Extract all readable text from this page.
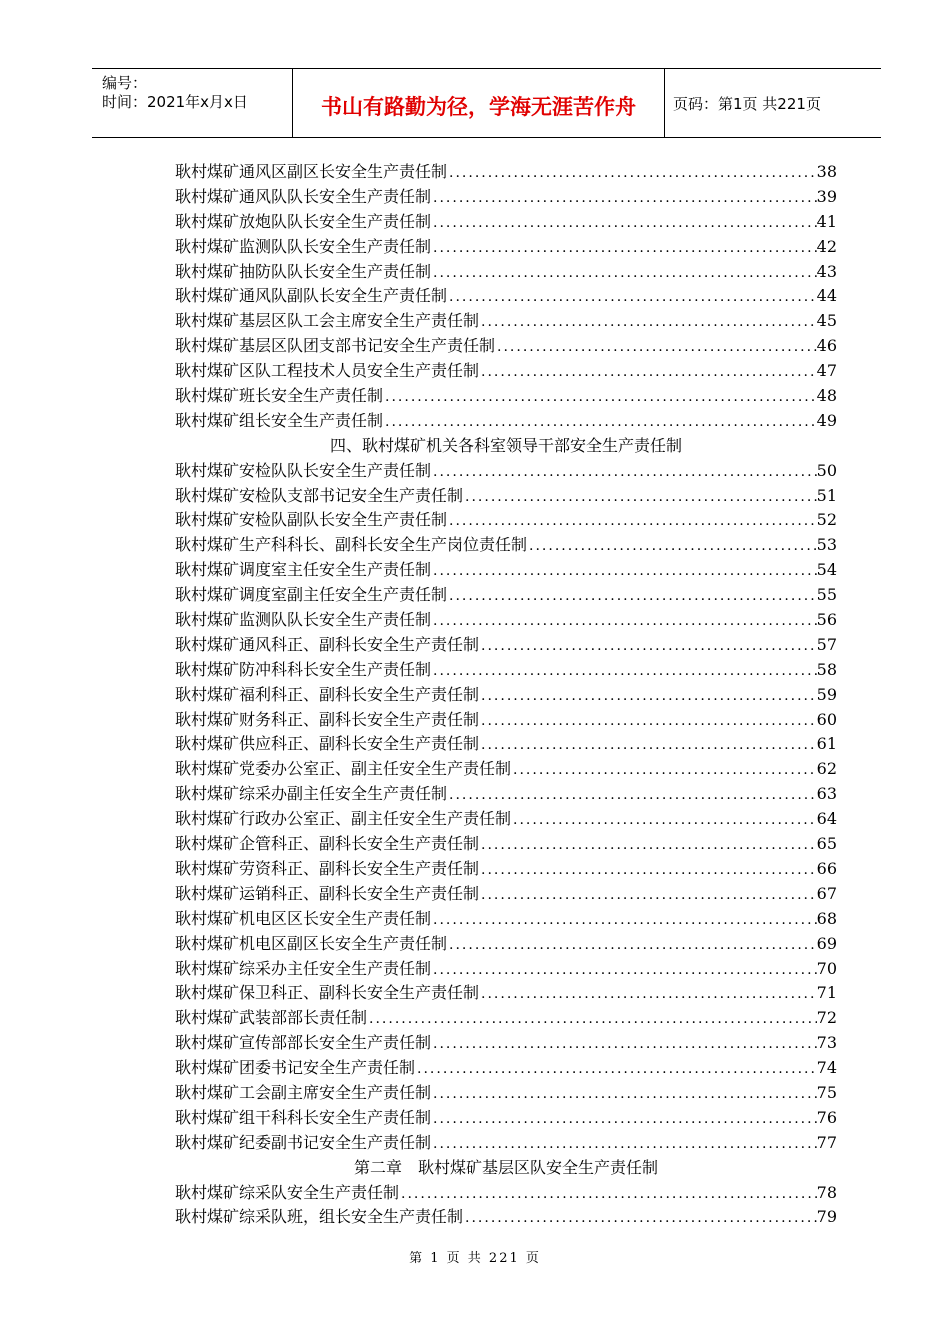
编号：
时间：2021年x月x日	书山有路勤为径，学海无涯苦作舟	页码：第1页 共221页
耿村煤矿通风区副区长安全生产责任制 .....	38
耿村煤矿通风队队长安全生产责任制 .....	39
耿村煤矿放炮队队长安全生产责任制 .....	41
耿村煤矿监测队队长安全生产责任制 .....	42
耿村煤矿抽防队队长安全生产责任制 .....	43
耿村煤矿通风队副队长安全生产责任制 .....	44
耿村煤矿基层区队工会主席安全生产责任制 .....	45
耿村煤矿基层区队团支部书记安全生产责任制 .....	46
耿村煤矿区队工程技术人员安全生产责任制 .....	47
耿村煤矿班长安全生产责任制 .....	48
耿村煤矿组长安全生产责任制 .....	49
四、耿村煤矿机关各科室领导干部安全生产责任制
耿村煤矿安检队队长安全生产责任制 .....	50
耿村煤矿安检队支部书记安全生产责任制 .....	51
耿村煤矿安检队副队长安全生产责任制 .....	52
耿村煤矿生产科科长、副科长安全生产岗位责任制 .....	53
耿村煤矿调度室主任安全生产责任制 .....	54
耿村煤矿调度室副主任安全生产责任制 .....	55
耿村煤矿监测队队长安全生产责任制 .....	56
耿村煤矿通风科正、副科长安全生产责任制 .....	57
耿村煤矿防冲科科长安全生产责任制 .....	58
耿村煤矿福利科正、副科长安全生产责任制 .....	59
耿村煤矿财务科正、副科长安全生产责任制 .....	60
耿村煤矿供应科正、副科长安全生产责任制 .....	61
耿村煤矿党委办公室正、副主任安全生产责任制 .....	62
耿村煤矿综采办副主任安全生产责任制 .....	63
耿村煤矿行政办公室正、副主任安全生产责任制 .....	64
耿村煤矿企管科正、副科长安全生产责任制 .....	65
耿村煤矿劳资科正、副科长安全生产责任制 .....	66
耿村煤矿运销科正、副科长安全生产责任制 .....	67
耿村煤矿机电区区长安全生产责任制 .....	68
耿村煤矿机电区副区长安全生产责任制 .....	69
耿村煤矿综采办主任安全生产责任制 .....	70
耿村煤矿保卫科正、副科长安全生产责任制 .....	71
耿村煤矿武装部部长责任制 .....	72
耿村煤矿宣传部部长安全生产责任制 .....	73
耿村煤矿团委书记安全生产责任制 .....	74
耿村煤矿工会副主席安全生产责任制 .....	75
耿村煤矿组干科科长安全生产责任制 .....	76
耿村煤矿纪委副书记安全生产责任制 .....	77
第二章　耿村煤矿基层区队安全生产责任制
耿村煤矿综采队安全生产责任制 .....	78
耿村煤矿综采队班，组长安全生产责任制 .....	79
第 1 页 共 221 页
